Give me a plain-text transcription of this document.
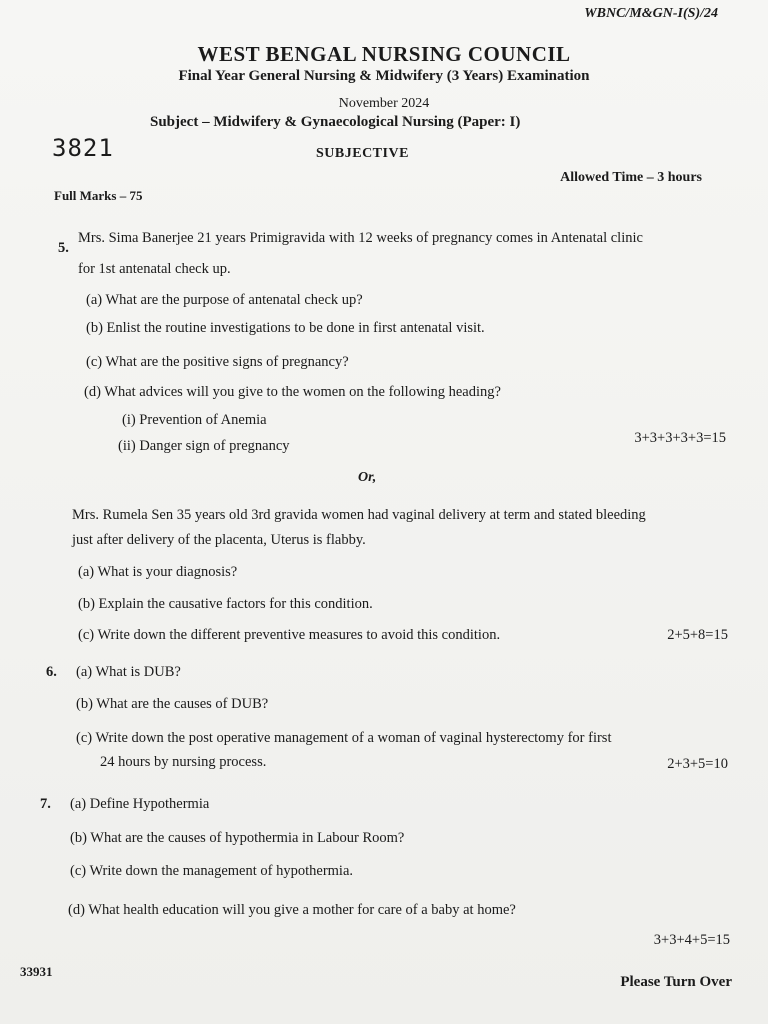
WBNC/M&GN-I(S)/24
WEST BENGAL NURSING COUNCIL
Final Year General Nursing & Midwifery (3 Years) Examination
November 2024
3821
Subject – Midwifery & Gynaecological Nursing (Paper: I)
SUBJECTIVE
Allowed Time – 3 hours
Full Marks – 75
5.
Mrs. Sima Banerjee 21 years Primigravida with 12 weeks of pregnancy comes in Antenatal clinic
for 1st antenatal check up.
(a) What are the purpose of antenatal check up?
(b) Enlist the routine investigations to be done in first antenatal visit.
(c) What are the positive signs of pregnancy?
(d) What advices will you give to the women on the following heading?
(i) Prevention of Anemia
(ii) Danger sign of pregnancy	3+3+3+3+3=15
Or,
Mrs. Rumela Sen 35 years old 3rd gravida women had vaginal delivery at term and stated bleeding
just after delivery of the placenta, Uterus is flabby.
(a) What is your diagnosis?
(b) Explain the causative factors for this condition.
(c) Write down the different preventive measures to avoid this condition.	2+5+8=15
6. (a) What is DUB?
(b) What are the causes of DUB?
(c) Write down the post operative management of a woman of vaginal hysterectomy for first
24 hours by nursing process.	2+3+5=10
7. (a) Define Hypothermia
(b) What are the causes of hypothermia in Labour Room?
(c) Write down the management of hypothermia.
(d) What health education will you give a mother for care of a baby at home?
3+3+4+5=15
33931
Please Turn Over
